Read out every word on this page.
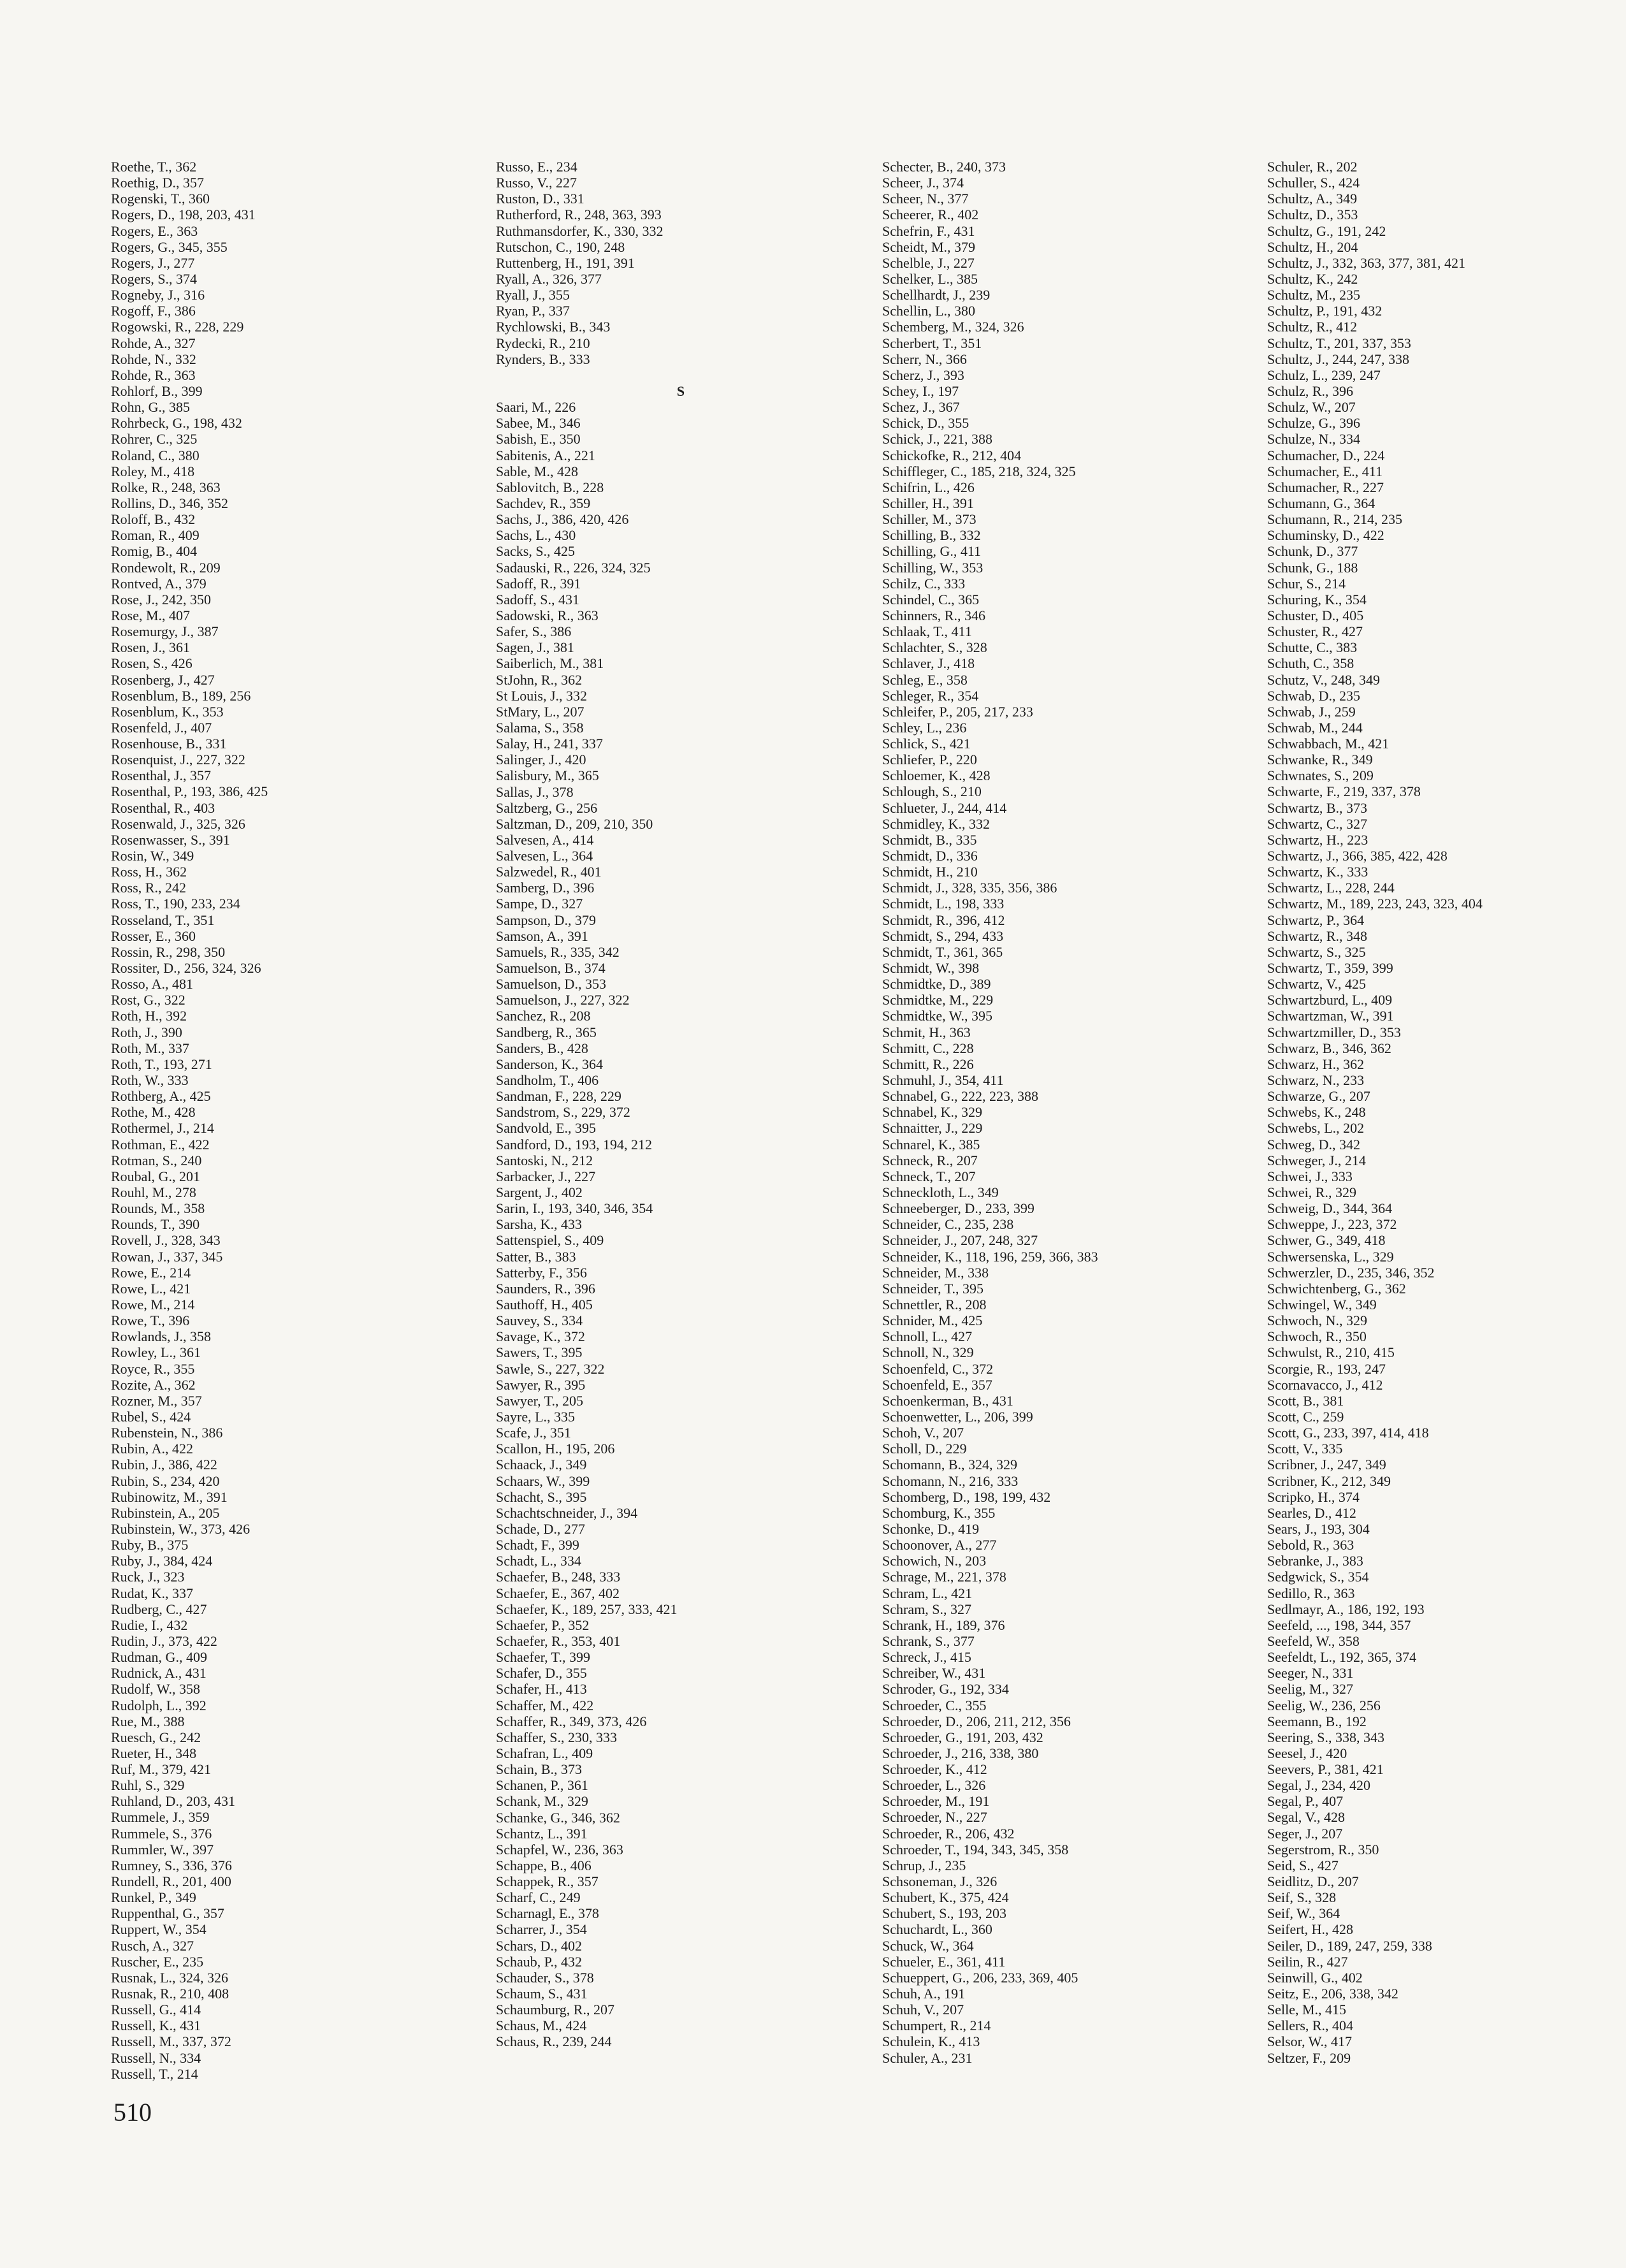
Roethe, T., 362
Roethig, D., 357
Rogenski, T., 360
Rogers, D., 198, 203, 431
Rogers, E., 363
Rogers, G., 345, 355
Rogers, J., 277
Rogers, S., 374
Rogneby, J., 316
Rogoff, F., 386
Rogowski, R., 228, 229
Rohde, A., 327
Rohde, N., 332
Rohde, R., 363
Rohlorf, B., 399
Rohn, G., 385
Rohrbeck, G., 198, 432
Rohrer, C., 325
Roland, C., 380
Roley, M., 418
Rolke, R., 248, 363
Rollins, D., 346, 352
Roloff, B., 432
Roman, R., 409
Romig, B., 404
Rondewolt, R., 209
Rontved, A., 379
Rose, J., 242, 350
Rose, M., 407
Rosemurgy, J., 387
Rosen, J., 361
Rosen, S., 426
Rosenberg, J., 427
Rosenblum, B., 189, 256
Rosenblum, K., 353
Rosenfeld, J., 407
Rosenhouse, B., 331
Rosenquist, J., 227, 322
Rosenthal, J., 357
Rosenthal, P., 193, 386, 425
Rosenthal, R., 403
Rosenwald, J., 325, 326
Rosenwasser, S., 391
Rosin, W., 349
Ross, H., 362
Ross, R., 242
Ross, T., 190, 233, 234
Rosseland, T., 351
Rosser, E., 360
Rossin, R., 298, 350
Rossiter, D., 256, 324, 326
Rosso, A., 481
Rost, G., 322
Roth, H., 392
Roth, J., 390
Roth, M., 337
Roth, T., 193, 271
Roth, W., 333
Rothberg, A., 425
Rothe, M., 428
Rothermel, J., 214
Rothman, E., 422
Rotman, S., 240
Roubal, G., 201
Rouhl, M., 278
Rounds, M., 358
Rounds, T., 390
Rovell, J., 328, 343
Rowan, J., 337, 345
Rowe, E., 214
Rowe, L., 421
Rowe, M., 214
Rowe, T., 396
Rowlands, J., 358
Rowley, L., 361
Royce, R., 355
Rozite, A., 362
Rozner, M., 357
Rubel, S., 424
Rubenstein, N., 386
Rubin, A., 422
Rubin, J., 386, 422
Rubin, S., 234, 420
Rubinowitz, M., 391
Rubinstein, A., 205
Rubinstein, W., 373, 426
Ruby, B., 375
Ruby, J., 384, 424
Ruck, J., 323
Rudat, K., 337
Rudberg, C., 427
Rudie, I., 432
Rudin, J., 373, 422
Rudman, G., 409
Rudnick, A., 431
Rudolf, W., 358
Rudolph, L., 392
Rue, M., 388
Ruesch, G., 242
Rueter, H., 348
Ruf, M., 379, 421
Ruhl, S., 329
Ruhland, D., 203, 431
Rummele, J., 359
Rummele, S., 376
Rummler, W., 397
Rumney, S., 336, 376
Rundell, R., 201, 400
Runkel, P., 349
Ruppenthal, G., 357
Ruppert, W., 354
Rusch, A., 327
Ruscher, E., 235
Rusnak, L., 324, 326
Rusnak, R., 210, 408
Russell, G., 414
Russell, K., 431
Russell, M., 337, 372
Russell, N., 334
Russell, T., 214
Russo, E., 234
Russo, V., 227
Ruston, D., 331
Rutherford, R., 248, 363, 393
Ruthmansdorfer, K., 330, 332
Rutschon, C., 190, 248
Ruttenberg, H., 191, 391
Ryall, A., 326, 377
Ryall, J., 355
Ryan, P., 337
Rychlowski, B., 343
Rydecki, R., 210
Rynders, B., 333
S
Saari, M., 226
Sabee, M., 346
Sabish, E., 350
Sabitenis, A., 221
Sable, M., 428
Sablovitch, B., 228
Sachdev, R., 359
Sachs, J., 386, 420, 426
Sachs, L., 430
Sacks, S., 425
Sadauski, R., 226, 324, 325
Sadoff, R., 391
Sadoff, S., 431
Sadowski, R., 363
Safer, S., 386
Sagen, J., 381
Saiberlich, M., 381
StJohn, R., 362
St Louis, J., 332
StMary, L., 207
Salama, S., 358
Salay, H., 241, 337
Salinger, J., 420
Salisbury, M., 365
Sallas, J., 378
Saltzberg, G., 256
Saltzman, D., 209, 210, 350
Salvesen, A., 414
Salvesen, L., 364
Salzwedel, R., 401
Samberg, D., 396
Sampe, D., 327
Sampson, D., 379
Samson, A., 391
Samuels, R., 335, 342
Samuelson, B., 374
Samuelson, D., 353
Samuelson, J., 227, 322
Sanchez, R., 208
Sandberg, R., 365
Sanders, B., 428
Sanderson, K., 364
Sandholm, T., 406
Sandman, F., 228, 229
Sandstrom, S., 229, 372
Sandvold, E., 395
Sandford, D., 193, 194, 212
Santoski, N., 212
Sarbacker, J., 227
Sargent, J., 402
Sarin, I., 193, 340, 346, 354
Sarsha, K., 433
Sattenspiel, S., 409
Satter, B., 383
Satterby, F., 356
Saunders, R., 396
Sauthoff, H., 405
Sauvey, S., 334
Savage, K., 372
Sawers, T., 395
Sawle, S., 227, 322
Sawyer, R., 395
Sawyer, T., 205
Sayre, L., 335
Scafe, J., 351
Scallon, H., 195, 206
Schaack, J., 349
Schaars, W., 399
Schacht, S., 395
Schachtschneider, J., 394
Schade, D., 277
Schadt, F., 399
Schadt, L., 334
Schaefer, B., 248, 333
Schaefer, E., 367, 402
Schaefer, K., 189, 257, 333, 421
Schaefer, P., 352
Schaefer, R., 353, 401
Schaefer, T., 399
Schafer, D., 355
Schafer, H., 413
Schaffer, M., 422
Schaffer, R., 349, 373, 426
Schaffer, S., 230, 333
Schafran, L., 409
Schain, B., 373
Schanen, P., 361
Schank, M., 329
Schanke, G., 346, 362
Schantz, L., 391
Schapfel, W., 236, 363
Schappe, B., 406
Schappek, R., 357
Scharf, C., 249
Scharnagl, E., 378
Scharrer, J., 354
Schars, D., 402
Schaub, P., 432
Schauder, S., 378
Schaum, S., 431
Schaumburg, R., 207
Schaus, M., 424
Schaus, R., 239, 244
Schecter, B., 240, 373
Scheer, J., 374
Scheer, N., 377
Scheerer, R., 402
Schefrin, F., 431
Scheidt, M., 379
Schelble, J., 227
Schelker, L., 385
Schellhardt, J., 239
Schellin, L., 380
Schemberg, M., 324, 326
Scherbert, T., 351
Scherr, N., 366
Scherz, J., 393
Schey, I., 197
Schez, J., 367
Schick, D., 355
Schick, J., 221, 388
Schickofke, R., 212, 404
Schiffleger, C., 185, 218, 324, 325
Schifrin, L., 426
Schiller, H., 391
Schiller, M., 373
Schilling, B., 332
Schilling, G., 411
Schilling, W., 353
Schilz, C., 333
Schindel, C., 365
Schinners, R., 346
Schlaak, T., 411
Schlachter, S., 328
Schlaver, J., 418
Schleg, E., 358
Schleger, R., 354
Schleifer, P., 205, 217, 233
Schley, L., 236
Schlick, S., 421
Schliefer, P., 220
Schloemer, K., 428
Schlough, S., 210
Schlueter, J., 244, 414
Schmidley, K., 332
Schmidt, B., 335
Schmidt, D., 336
Schmidt, H., 210
Schmidt, J., 328, 335, 356, 386
Schmidt, L., 198, 333
Schmidt, R., 396, 412
Schmidt, S., 294, 433
Schmidt, T., 361, 365
Schmidt, W., 398
Schmidtke, D., 389
Schmidtke, M., 229
Schmidtke, W., 395
Schmit, H., 363
Schmitt, C., 228
Schmitt, R., 226
Schmuhl, J., 354, 411
Schnabel, G., 222, 223, 388
Schnabel, K., 329
Schnaitter, J., 229
Schnarel, K., 385
Schneck, R., 207
Schneck, T., 207
Schneckloth, L., 349
Schneeberger, D., 233, 399
Schneider, C., 235, 238
Schneider, J., 207, 248, 327
Schneider, K., 118, 196, 259, 366, 383
Schneider, M., 338
Schneider, T., 395
Schnettler, R., 208
Schnider, M., 425
Schnoll, L., 427
Schnoll, N., 329
Schoenfeld, C., 372
Schoenfeld, E., 357
Schoenkerman, B., 431
Schoenwetter, L., 206, 399
Schoh, V., 207
Scholl, D., 229
Schomann, B., 324, 329
Schomann, N., 216, 333
Schomberg, D., 198, 199, 432
Schomburg, K., 355
Schonke, D., 419
Schoonover, A., 277
Schowich, N., 203
Schrage, M., 221, 378
Schram, L., 421
Schram, S., 327
Schrank, H., 189, 376
Schrank, S., 377
Schreck, J., 415
Schreiber, W., 431
Schroder, G., 192, 334
Schroeder, C., 355
Schroeder, D., 206, 211, 212, 356
Schroeder, G., 191, 203, 432
Schroeder, J., 216, 338, 380
Schroeder, K., 412
Schroeder, L., 326
Schroeder, M., 191
Schroeder, N., 227
Schroeder, R., 206, 432
Schroeder, T., 194, 343, 345, 358
Schrup, J., 235
Schsoneman, J., 326
Schubert, K., 375, 424
Schubert, S., 193, 203
Schuchardt, L., 360
Schuck, W., 364
Schueler, E., 361, 411
Schueppert, G., 206, 233, 369, 405
Schuh, A., 191
Schuh, V., 207
Schumpert, R., 214
Schulein, K., 413
Schuler, A., 231
Schuler, R., 202
Schuller, S., 424
Schultz, A., 349
Schultz, D., 353
Schultz, G., 191, 242
Schultz, H., 204
Schultz, J., 332, 363, 377, 381, 421
Schultz, K., 242
Schultz, M., 235
Schultz, P., 191, 432
Schultz, R., 412
Schultz, T., 201, 337, 353
Schultz, J., 244, 247, 338
Schulz, L., 239, 247
Schulz, R., 396
Schulz, W., 207
Schulze, G., 396
Schulze, N., 334
Schumacher, D., 224
Schumacher, E., 411
Schumacher, R., 227
Schumann, G., 364
Schumann, R., 214, 235
Schuminsky, D., 422
Schunk, D., 377
Schunk, G., 188
Schur, S., 214
Schuring, K., 354
Schuster, D., 405
Schuster, R., 427
Schutte, C., 383
Schuth, C., 358
Schutz, V., 248, 349
Schwab, D., 235
Schwab, J., 259
Schwab, M., 244
Schwabbach, M., 421
Schwanke, R., 349
Schwnates, S., 209
Schwarte, F., 219, 337, 378
Schwartz, B., 373
Schwartz, C., 327
Schwartz, H., 223
Schwartz, J., 366, 385, 422, 428
Schwartz, K., 333
Schwartz, L., 228, 244
Schwartz, M., 189, 223, 243, 323, 404
Schwartz, P., 364
Schwartz, R., 348
Schwartz, S., 325
Schwartz, T., 359, 399
Schwartz, V., 425
Schwartzburd, L., 409
Schwartzman, W., 391
Schwartzmiller, D., 353
Schwarz, B., 346, 362
Schwarz, H., 362
Schwarz, N., 233
Schwarze, G., 207
Schwebs, K., 248
Schwebs, L., 202
Schweg, D., 342
Schweger, J., 214
Schwei, J., 333
Schwei, R., 329
Schweig, D., 344, 364
Schweppe, J., 223, 372
Schwer, G., 349, 418
Schwersenska, L., 329
Schwerzler, D., 235, 346, 352
Schwichtenberg, G., 362
Schwingel, W., 349
Schwoch, N., 329
Schwoch, R., 350
Schwulst, R., 210, 415
Scorgie, R., 193, 247
Scornavacco, J., 412
Scott, B., 381
Scott, C., 259
Scott, G., 233, 397, 414, 418
Scott, V., 335
Scribner, J., 247, 349
Scribner, K., 212, 349
Scripko, H., 374
Searles, D., 412
Sears, J., 193, 304
Sebold, R., 363
Sebranke, J., 383
Sedgwick, S., 354
Sedillo, R., 363
Sedlmayr, A., 186, 192, 193
Seefeld, ..., 198, 344, 357
Seefeld, W., 358
Seefeldt, L., 192, 365, 374
Seeger, N., 331
Seelig, M., 327
Seelig, W., 236, 256
Seemann, B., 192
Seering, S., 338, 343
Seesel, J., 420
Seevers, P., 381, 421
Segal, J., 234, 420
Segal, P., 407
Segal, V., 428
Seger, J., 207
Segerstrom, R., 350
Seid, S., 427
Seidlitz, D., 207
Seif, S., 328
Seif, W., 364
Seifert, H., 428
Seiler, D., 189, 247, 259, 338
Seilin, R., 427
Seinwill, G., 402
Seitz, E., 206, 338, 342
Selle, M., 415
Sellers, R., 404
Selsor, W., 417
Seltzer, F., 209
510
